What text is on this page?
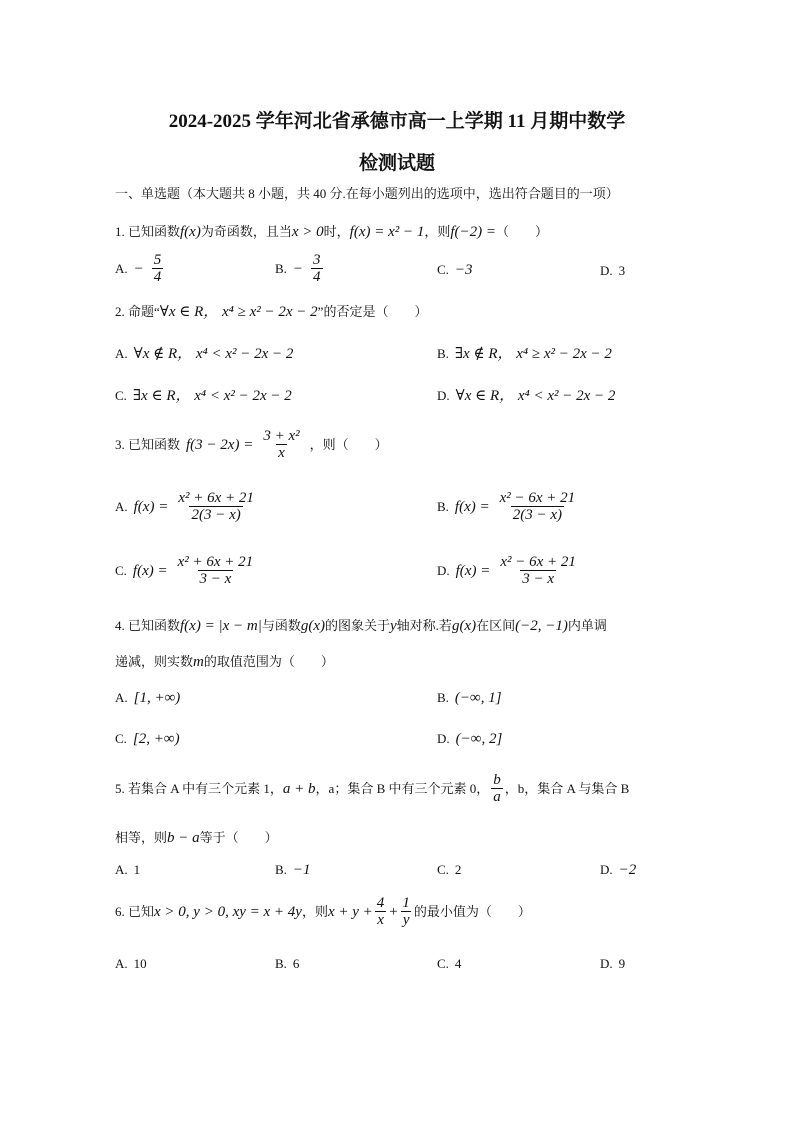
2024-2025 学年河北省承德市高一上学期 11 月期中数学
检测试题
一、单选题（本大题共 8 小题，共 40 分.在每小题列出的选项中，选出符合题目的一项）
1. 已知函数f(x)为奇函数，且当x > 0时，f(x) = x² − 1，则f(−2) =（　　）
A. − $\frac{5}{4}$	B. − $\frac{3}{4}$	C. −3	D. 3
2. 命题“∀x ∈ R， x⁴ ≥ x² − 2x − 2”的否定是（　　）
A. ∀x ∉ R， x⁴ < x² − 2x − 2	B. ∃x ∉ R， x⁴ ≥ x² − 2x − 2
C. ∃x ∈ R， x⁴ < x² − 2x − 2	D. ∀x ∈ R， x⁴ < x² − 2x − 2
3. 已知函数 $f(3 - 2x) = \frac{\text{3 + x²}}{x}$ ，则（　　）
A. $f(x) = \frac{\text{x² + 6x + 21}}{2(3 - x)}$	B. $f(x) = \frac{\text{x² − 6x + 21}}{2(3 - x)}$
C. $f(x) = \frac{\text{x² + 6x + 21}}{3 - x}$	D. $f(x) = \frac{\text{x² − 6x + 21}}{3 - x}$
4. 已知函数f(x) = |x − m|与函数g(x)的图象关于y轴对称.若g(x)在区间(−2, −1)内单调
递减，则实数m的取值范围为（　　）
A. [1, +∞)	B. (−∞, 1]
C. [2, +∞)	D. (−∞, 2]
5. 若集合 A 中有三个元素 1， a + b ，a；集合 B 中有三个元素 0， $\frac{b}{a}$ ，b，集合 A 与集合 B
相等，则b − a等于（　　）
A. 1	B. −1	C. 2	D. −2
6. 已知 x > 0, y > 0, xy = x + 4y ，则 $x + y + \frac{4}{x} + \frac{1}{y}$ 的最小值为（　　）
A. 10	B. 6	C. 4	D. 9
